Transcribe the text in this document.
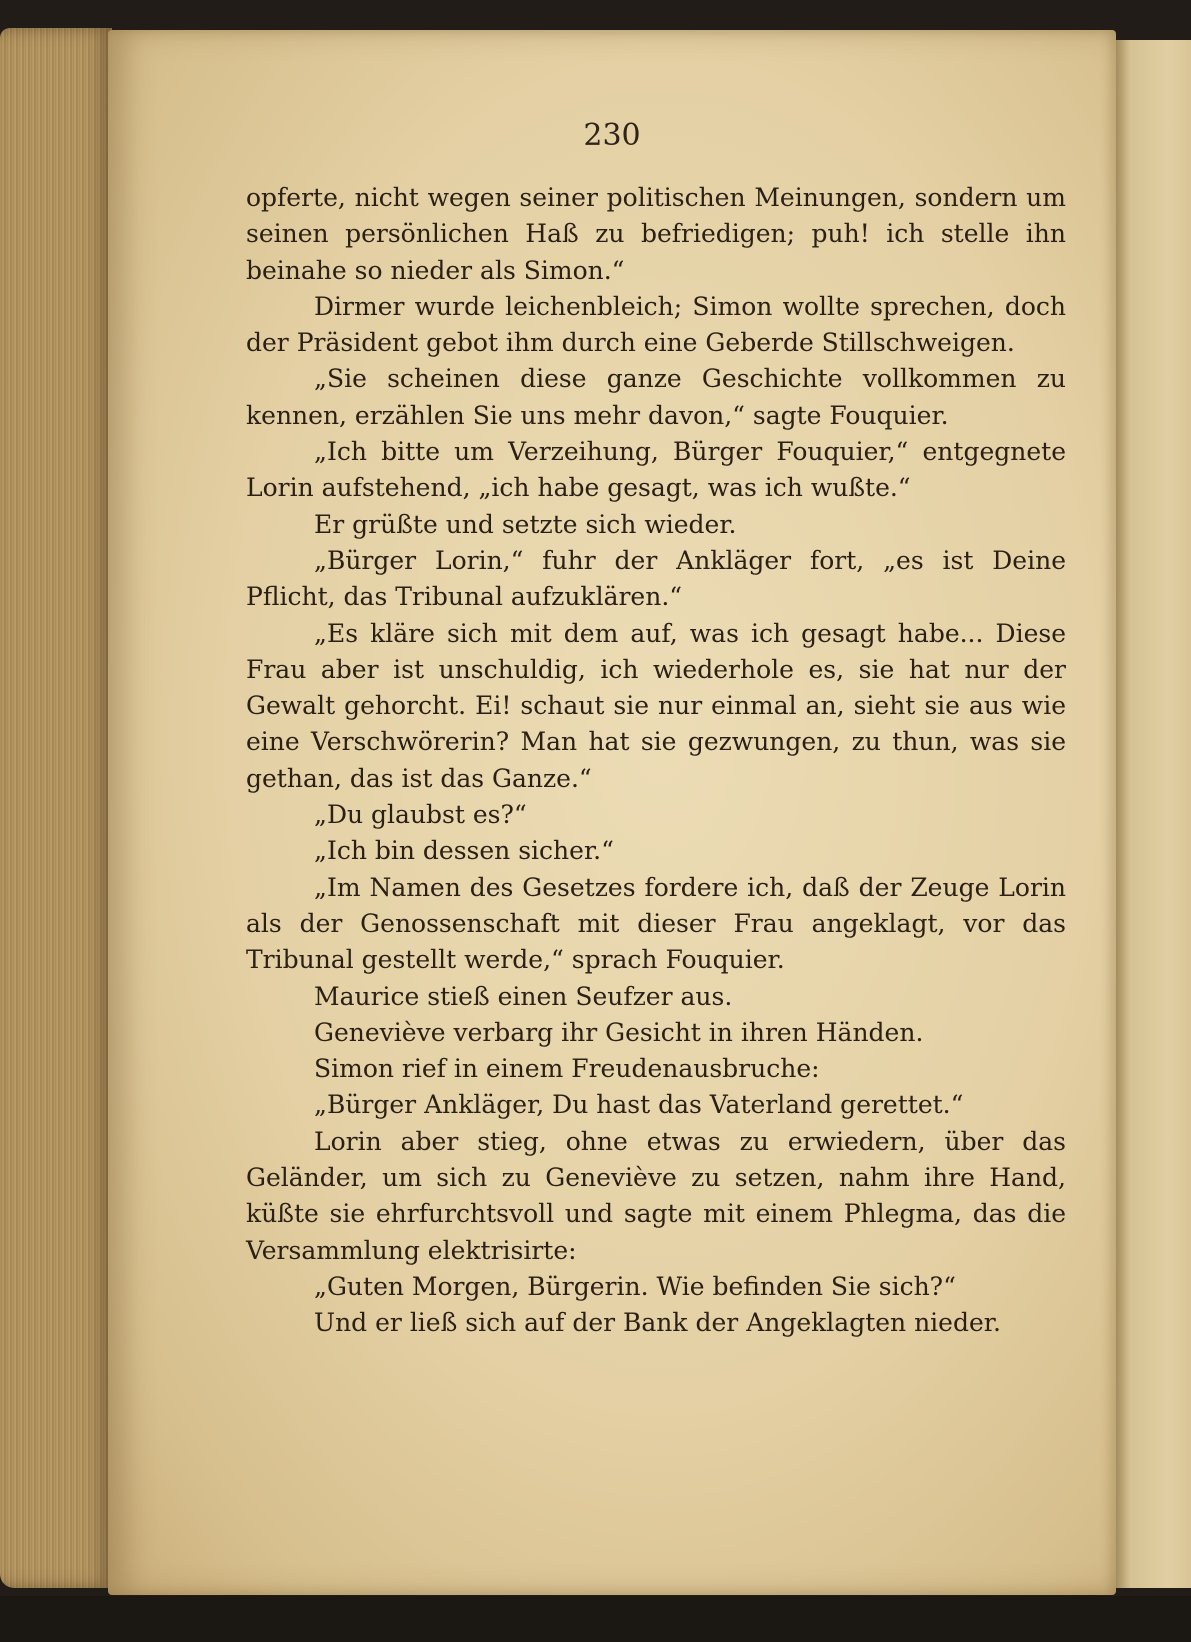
230

opferte, nicht wegen seiner politischen Meinungen, sondern um seinen persönlichen Haß zu befriedigen; puh! ich stelle ihn beinahe so nieder als Simon.“

Dirmer wurde leichenbleich; Simon wollte sprechen, doch der Präsident gebot ihm durch eine Geberde Stillschweigen.

„Sie scheinen diese ganze Geschichte vollkommen zu kennen, erzählen Sie uns mehr davon,“ sagte Fouquier.

„Ich bitte um Verzeihung, Bürger Fouquier,“ entgegnete Lorin aufstehend, „ich habe gesagt, was ich wußte.“

Er grüßte und setzte sich wieder.

„Bürger Lorin,“ fuhr der Ankläger fort, „es ist Deine Pflicht, das Tribunal aufzuklären.“

„Es kläre sich mit dem auf, was ich gesagt habe... Diese Frau aber ist unschuldig, ich wiederhole es, sie hat nur der Gewalt gehorcht. Ei! schaut sie nur einmal an, sieht sie aus wie eine Verschwörerin? Man hat sie gezwungen, zu thun, was sie gethan, das ist das Ganze.“

„Du glaubst es?“

„Ich bin dessen sicher.“

„Im Namen des Gesetzes fordere ich, daß der Zeuge Lorin als der Genossenschaft mit dieser Frau angeklagt, vor das Tribunal gestellt werde,“ sprach Fouquier.

Maurice stieß einen Seufzer aus.

Geneviève verbarg ihr Gesicht in ihren Händen.

Simon rief in einem Freudenausbruche:

„Bürger Ankläger, Du hast das Vaterland gerettet.“

Lorin aber stieg, ohne etwas zu erwiedern, über das Geländer, um sich zu Geneviève zu setzen, nahm ihre Hand, küßte sie ehrfurchtsvoll und sagte mit einem Phlegma, das die Versammlung elektrisirte:

„Guten Morgen, Bürgerin. Wie befinden Sie sich?“

Und er ließ sich auf der Bank der Angeklagten nieder.
